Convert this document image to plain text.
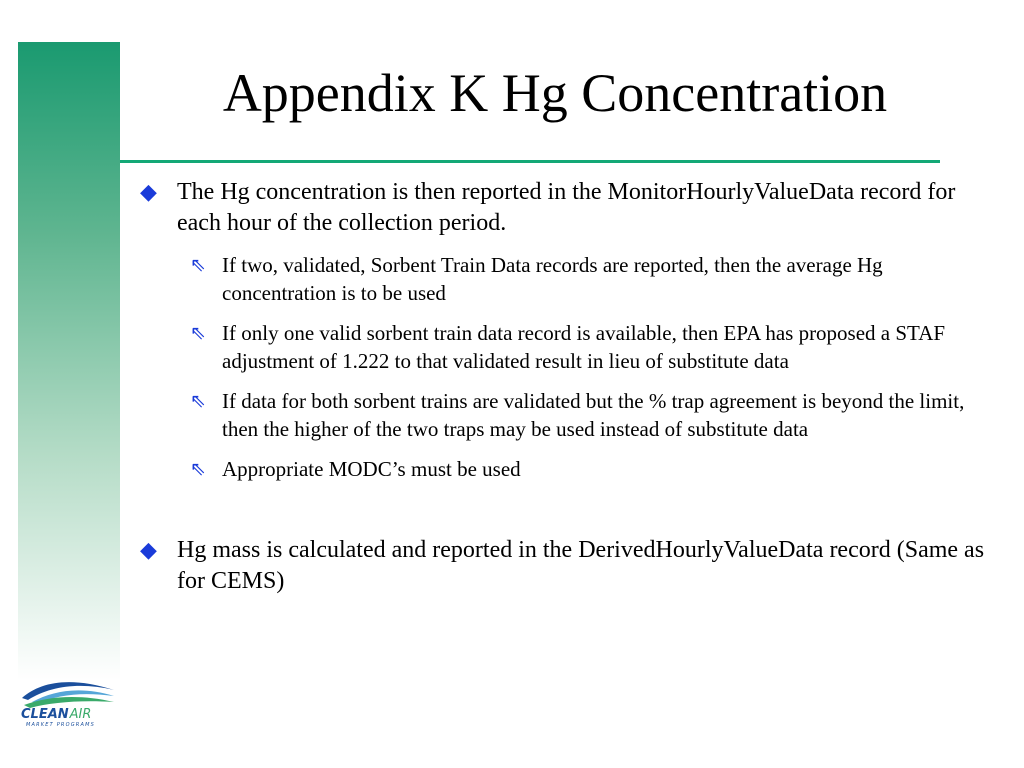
Appendix K Hg Concentration
◆ The Hg concentration is then reported in the MonitorHourlyValueData record for each hour of the collection period.
⇖ If two, validated, Sorbent Train Data records are reported, then the average Hg concentration is to be used
⇖ If only one valid sorbent train data record is available, then EPA has proposed a STAF adjustment of 1.222 to that validated result in lieu of substitute data
⇖ If data for both sorbent trains are validated but the % trap agreement is beyond the limit, then the higher of the two traps may be used instead of substitute data
⇖ Appropriate MODC’s must be used
◆ Hg mass is calculated and reported in the DerivedHourlyValueData record (Same as for CEMS)
CLEANAIR
MARKET PROGRAMS
